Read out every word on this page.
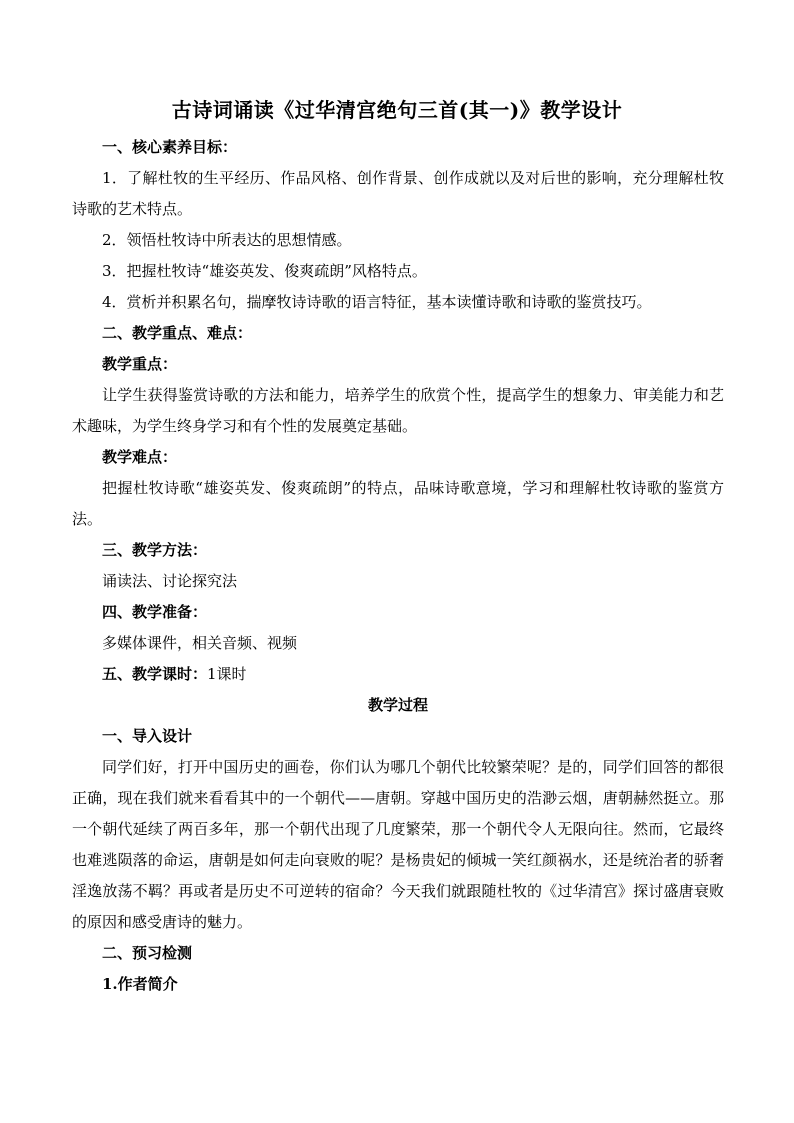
古诗词诵读《过华清宫绝句三首(其一)》教学设计

一、核心素养目标：

1．了解杜牧的生平经历、作品风格、创作背景、创作成就以及对后世的影响，充分理解杜牧诗歌的艺术特点。

2．领悟杜牧诗中所表达的思想情感。

3．把握杜牧诗“雄姿英发、俊爽疏朗”风格特点。

4．赏析并积累名句，揣摩牧诗诗歌的语言特征，基本读懂诗歌和诗歌的鉴赏技巧。

二、教学重点、难点：

教学重点：

让学生获得鉴赏诗歌的方法和能力，培养学生的欣赏个性，提高学生的想象力、审美能力和艺术趣味，为学生终身学习和有个性的发展奠定基础。

教学难点：

把握杜牧诗歌“雄姿英发、俊爽疏朗”的特点，品味诗歌意境，学习和理解杜牧诗歌的鉴赏方法。

三、教学方法：

诵读法、讨论探究法

四、教学准备：

多媒体课件，相关音频、视频

五、教学课时：1课时

教学过程

一、导入设计

同学们好，打开中国历史的画卷，你们认为哪几个朝代比较繁荣呢？是的，同学们回答的都很正确，现在我们就来看看其中的一个朝代——唐朝。穿越中国历史的浩渺云烟，唐朝赫然挺立。那一个朝代延续了两百多年，那一个朝代出现了几度繁荣，那一个朝代令人无限向往。然而，它最终也难逃陨落的命运，唐朝是如何走向衰败的呢？是杨贵妃的倾城一笑红颜祸水，还是统治者的骄奢淫逸放荡不羁？再或者是历史不可逆转的宿命？今天我们就跟随杜牧的《过华清宫》探讨盛唐衰败的原因和感受唐诗的魅力。

二、预习检测

1.作者简介
